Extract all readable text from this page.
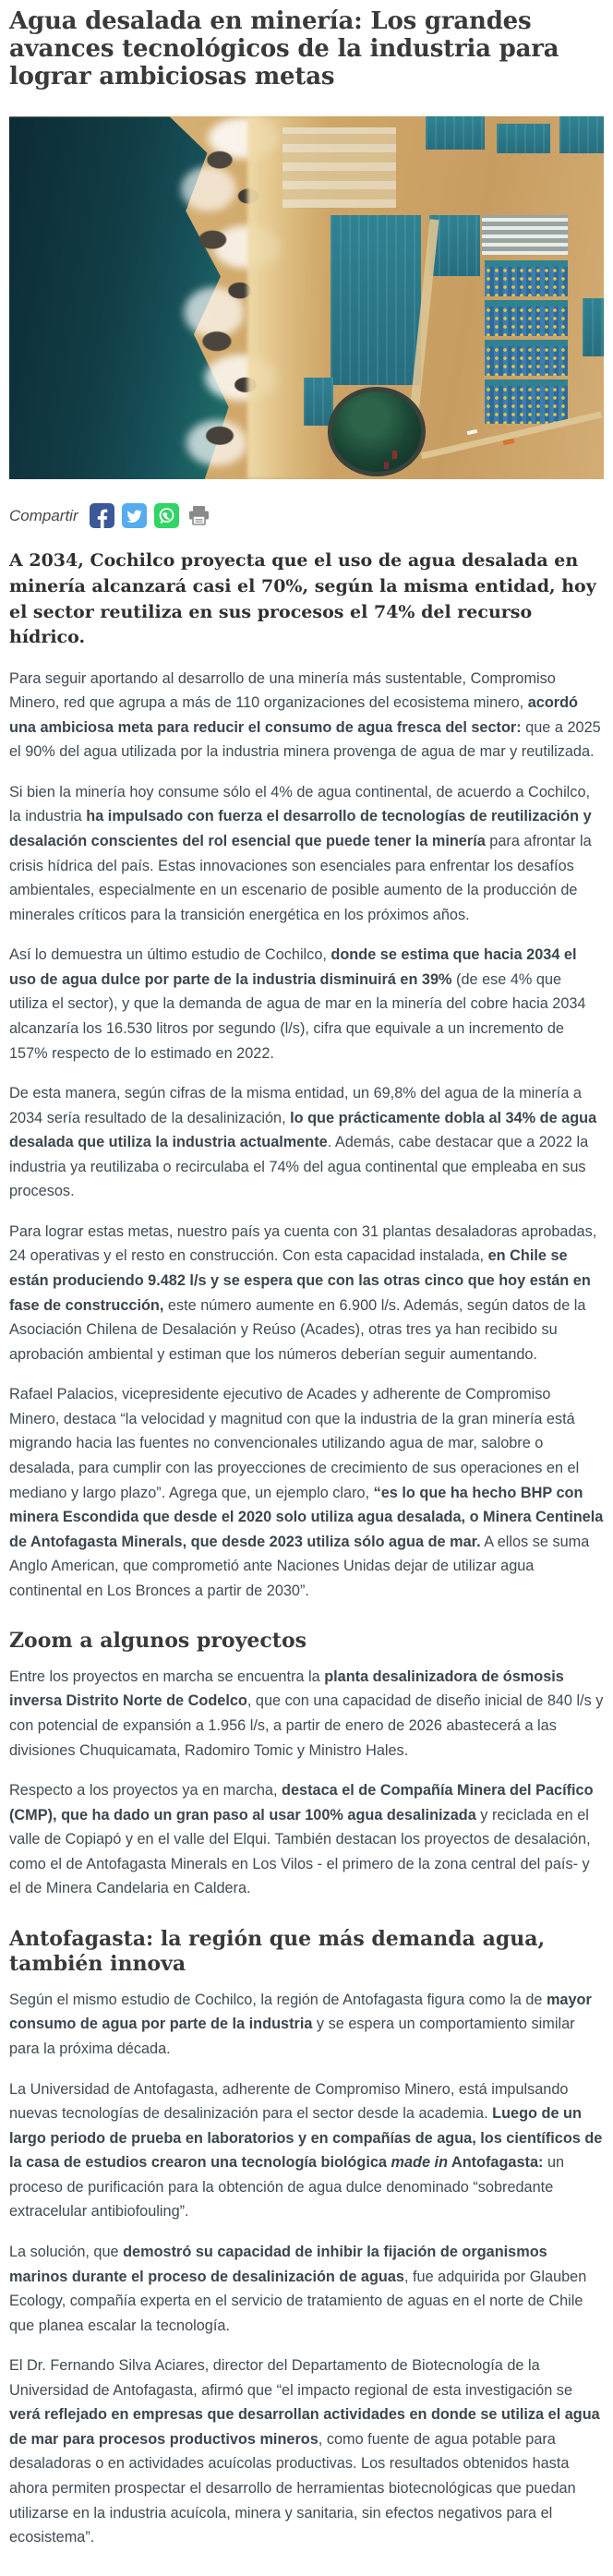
Agua desalada en minería: Los grandes avances tecnológicos de la industria para lograr ambiciosas metas
Compartir

A 2034, Cochilco proyecta que el uso de agua desalada en minería alcanzará casi el 70%, según la misma entidad, hoy el sector reutiliza en sus procesos el 74% del recurso hídrico.

Para seguir aportando al desarrollo de una minería más sustentable, Compromiso Minero, red que agrupa a más de 110 organizaciones del ecosistema minero, acordó una ambiciosa meta para reducir el consumo de agua fresca del sector: que a 2025 el 90% del agua utilizada por la industria minera provenga de agua de mar y reutilizada.

Si bien la minería hoy consume sólo el 4% de agua continental, de acuerdo a Cochilco, la industria ha impulsado con fuerza el desarrollo de tecnologías de reutilización y desalación conscientes del rol esencial que puede tener la minería para afrontar la crisis hídrica del país. Estas innovaciones son esenciales para enfrentar los desafíos ambientales, especialmente en un escenario de posible aumento de la producción de minerales críticos para la transición energética en los próximos años.

Así lo demuestra un último estudio de Cochilco, donde se estima que hacia 2034 el uso de agua dulce por parte de la industria disminuirá en 39% (de ese 4% que utiliza el sector), y que la demanda de agua de mar en la minería del cobre hacia 2034 alcanzaría los 16.530 litros por segundo (l/s), cifra que equivale a un incremento de 157% respecto de lo estimado en 2022.

De esta manera, según cifras de la misma entidad, un 69,8% del agua de la minería a 2034 sería resultado de la desalinización, lo que prácticamente dobla al 34% de agua desalada que utiliza la industria actualmente. Además, cabe destacar que a 2022 la industria ya reutilizaba o recirculaba el 74% del agua continental que empleaba en sus procesos.

Para lograr estas metas, nuestro país ya cuenta con 31 plantas desaladoras aprobadas, 24 operativas y el resto en construcción. Con esta capacidad instalada, en Chile se están produciendo 9.482 l/s y se espera que con las otras cinco que hoy están en fase de construcción, este número aumente en 6.900 l/s. Además, según datos de la Asociación Chilena de Desalación y Reúso (Acades), otras tres ya han recibido su aprobación ambiental y estiman que los números deberían seguir aumentando.

Rafael Palacios, vicepresidente ejecutivo de Acades y adherente de Compromiso Minero, destaca “la velocidad y magnitud con que la industria de la gran minería está migrando hacia las fuentes no convencionales utilizando agua de mar, salobre o desalada, para cumplir con las proyecciones de crecimiento de sus operaciones en el mediano y largo plazo”. Agrega que, un ejemplo claro, “es lo que ha hecho BHP con minera Escondida que desde el 2020 solo utiliza agua desalada, o Minera Centinela de Antofagasta Minerals, que desde 2023 utiliza sólo agua de mar. A ellos se suma Anglo American, que comprometió ante Naciones Unidas dejar de utilizar agua continental en Los Bronces a partir de 2030”.

Zoom a algunos proyectos

Entre los proyectos en marcha se encuentra la planta desalinizadora de ósmosis inversa Distrito Norte de Codelco, que con una capacidad de diseño inicial de 840 l/s y con potencial de expansión a 1.956 l/s, a partir de enero de 2026 abastecerá a las divisiones Chuquicamata, Radomiro Tomic y Ministro Hales.

Respecto a los proyectos ya en marcha, destaca el de Compañía Minera del Pacífico (CMP), que ha dado un gran paso al usar 100% agua desalinizada y reciclada en el valle de Copiapó y en el valle del Elqui. También destacan los proyectos de desalación, como el de Antofagasta Minerals en Los Vilos - el primero de la zona central del país- y el de Minera Candelaria en Caldera.

Antofagasta: la región que más demanda agua, también innova

Según el mismo estudio de Cochilco, la región de Antofagasta figura como la de mayor consumo de agua por parte de la industria y se espera un comportamiento similar para la próxima década.

La Universidad de Antofagasta, adherente de Compromiso Minero, está impulsando nuevas tecnologías de desalinización para el sector desde la academia. Luego de un largo periodo de prueba en laboratorios y en compañías de agua, los científicos de la casa de estudios crearon una tecnología biológica made in Antofagasta: un proceso de purificación para la obtención de agua dulce denominado “sobredante extracelular antibiofouling”.

La solución, que demostró su capacidad de inhibir la fijación de organismos marinos durante el proceso de desalinización de aguas, fue adquirida por Glauben Ecology, compañía experta en el servicio de tratamiento de aguas en el norte de Chile que planea escalar la tecnología.

El Dr. Fernando Silva Aciares, director del Departamento de Biotecnología de la Universidad de Antofagasta, afirmó que “el impacto regional de esta investigación se verá reflejado en empresas que desarrollan actividades en donde se utiliza el agua de mar para procesos productivos mineros, como fuente de agua potable para desaladoras o en actividades acuícolas productivas. Los resultados obtenidos hasta ahora permiten prospectar el desarrollo de herramientas biotecnológicas que puedan utilizarse en la industria acuícola, minera y sanitaria, sin efectos negativos para el ecosistema”.
